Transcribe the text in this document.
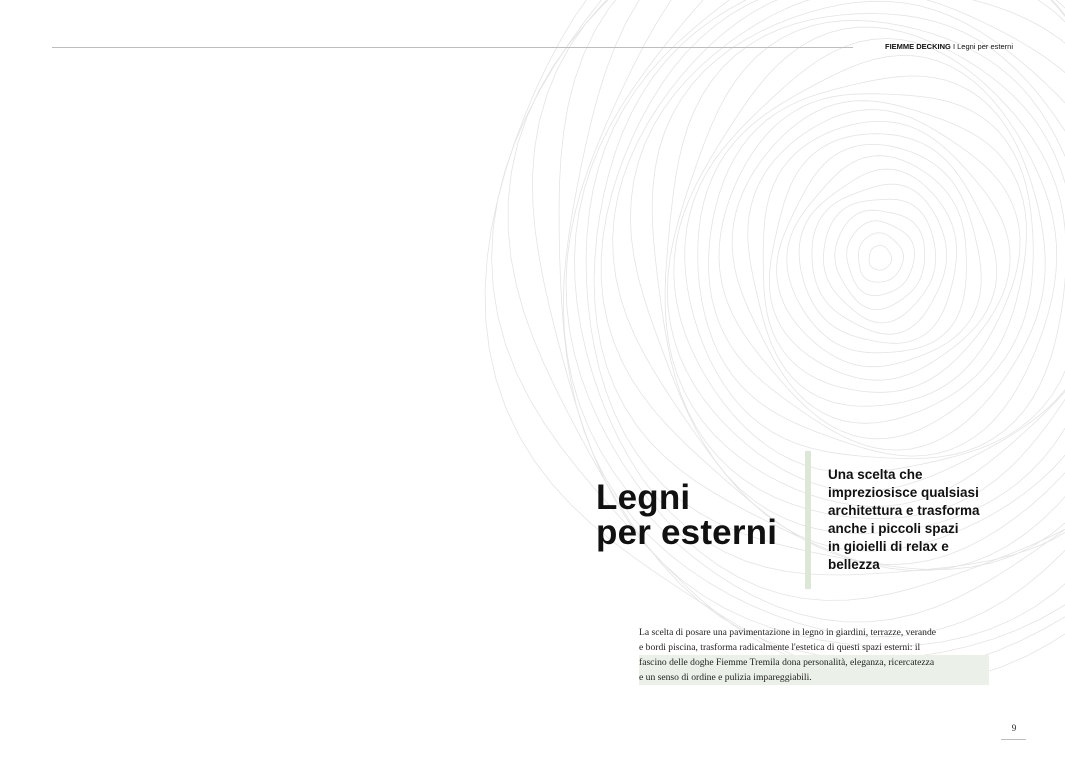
FIEMME DECKING I Legni per esterni
Legni
per esterni

Una scelta che
impreziosisce qualsiasi
architettura e trasforma
anche i piccoli spazi
in gioielli di relax e
bellezza

La scelta di posare una pavimentazione in legno in giardini, terrazze, verande
e bordi piscina, trasforma radicalmente l'estetica di questi spazi esterni: il
fascino delle doghe Fiemme Tremila dona personalità, eleganza, ricercatezza
e un senso di ordine e pulizia impareggiabili.

9
